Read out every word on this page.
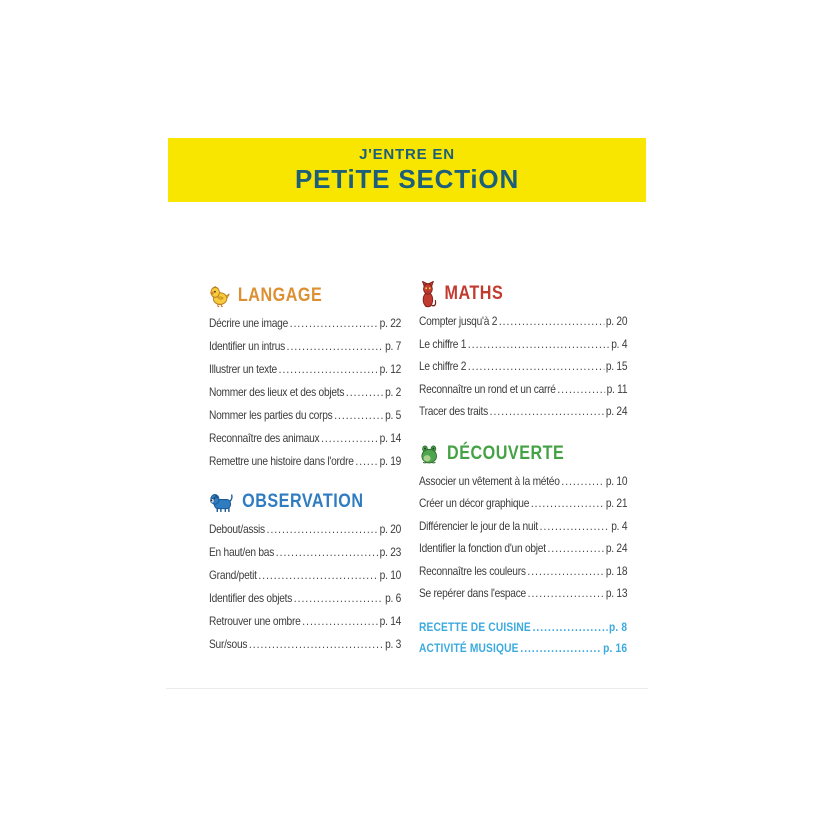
J'ENTRE EN
PETiTE SECTiON
LANGAGE
Décrire une image .....	p. 22
Identifier un intrus .....	p. 7
Illustrer un texte .....	p. 12
Nommer des lieux et des objets .....	p. 2
Nommer les parties du corps .....	p. 5
Reconnaître des animaux .....	p. 14
Remettre une histoire dans l'ordre ..... p. 19
OBSERVATION
Debout/assis .....	p. 20
En haut/en bas .....	p. 23
Grand/petit .....	p. 10
Identifier des objets .....	p. 6
Retrouver une ombre .....	p. 14
Sur/sous .....	p. 3
MATHS
Compter jusqu'à 2 .....	p. 20
Le chiffre 1 .....	p. 4
Le chiffre 2 .....	p. 15
Reconnaître un rond et un carré .....	p. 11
Tracer des traits .....	p. 24
DÉCOUVERTE
Associer un vêtement à la météo .....	p. 10
Créer un décor graphique .....	p. 21
Différencier le jour de la nuit .....	p. 4
Identifier la fonction d'un objet .....	p. 24
Reconnaître les couleurs .....	p. 18
Se repérer dans l'espace .....	p. 13
RECETTE DE CUISINE .....	p. 8
ACTIVITÉ MUSIQUE .....	p. 16
